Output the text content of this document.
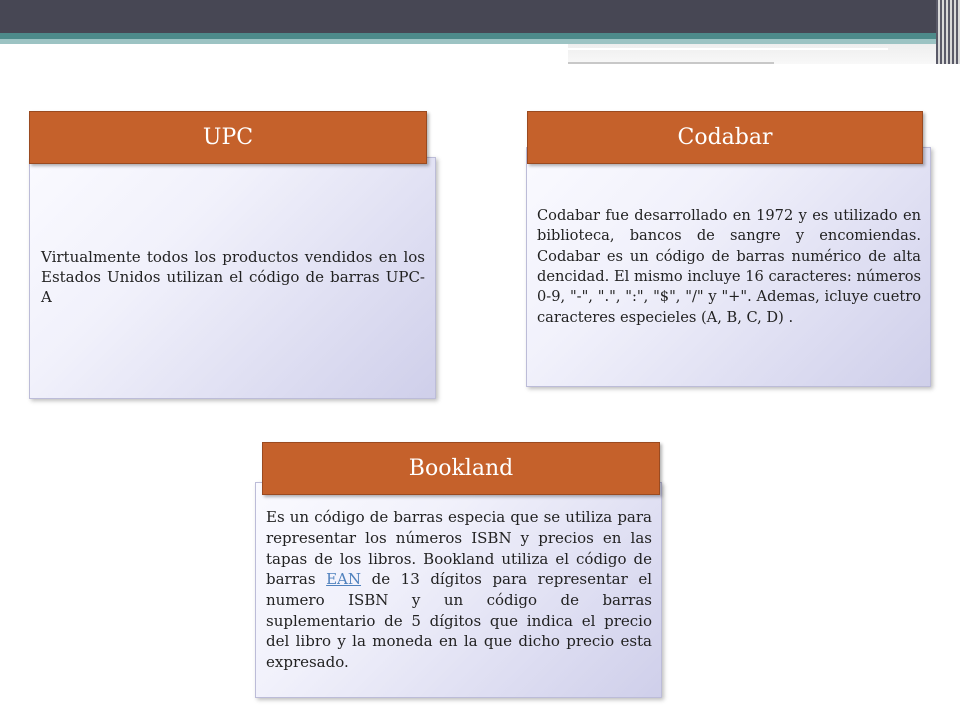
Virtualmente todos los productos vendidos en los Estados Unidos utilizan el código de barras UPC-A

UPC

Codabar fue desarrollado en 1972 y es utilizado en biblioteca, bancos de sangre y encomiendas. Codabar es un código de barras numérico de alta dencidad. El mismo incluye 16 caracteres: números 0-9, "-", ".", ":", "$", "/" y "+". Ademas, icluye cuetro caracteres especieles (A, B, C, D) .

Codabar

Es un código de barras especia que se utiliza para representar los números ISBN y precios en las tapas de los libros. Bookland utiliza el código de barras EAN de 13 dígitos para representar el numero ISBN y un código de barras suplementario de 5 dígitos que indica el precio del libro y la moneda en la que dicho precio esta expresado.

Bookland
